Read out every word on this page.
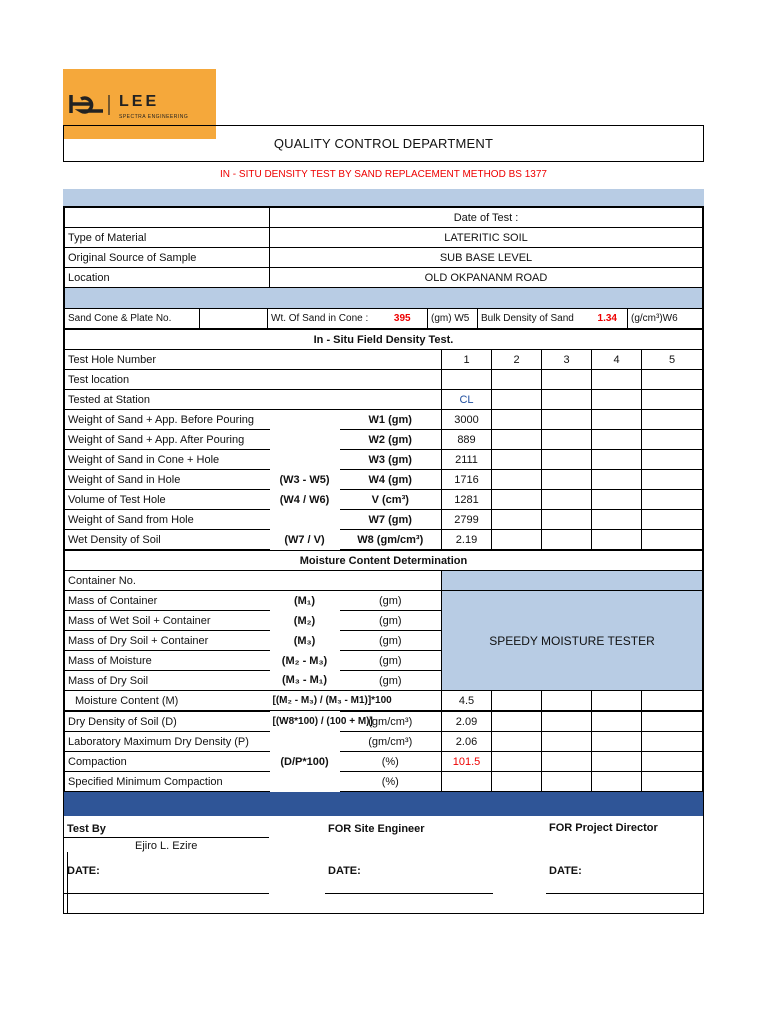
LEE
SPECTRA ENGINEERING
QUALITY CONTROL DEPARTMENT
IN - SITU DENSITY TEST BY SAND REPLACEMENT METHOD BS 1377
	Date of Test :
Type of Material	LATERITIC SOIL
Original Source of Sample	SUB BASE LEVEL
Location	OLD OKPANANM ROAD
Sand Cone & Plate No.		Wt. Of Sand in Cone :	395	(gm) W5	Bulk Density of Sand	1.34	(g/cm³)W6
In - Situ Field Density Test.							
Test Hole Number			1	2	3	4	5
Test location							
Tested at Station			CL				
Weight of Sand + App. Before Pouring		W1 (gm)	3000				
Weight of Sand + App. After Pouring		W2 (gm)	889				
Weight of Sand in Cone + Hole		W3 (gm)	2111				
Weight of Sand in Hole	(W3 - W5)	W4 (gm)	1716				
Volume of Test Hole	(W4 / W6)	V (cm³)	1281				
Weight of Sand from Hole		W7 (gm)	2799				
Wet Density of Soil	(W7 / V)	W8 (gm/cm³)	2.19				
Moisture Content Determination							
Container No.							
Mass of Container	(M₁)	(gm)	SPEEDY MOISTURE TESTER				
Mass of Wet Soil + Container	(M₂)	(gm)					
Mass of Dry Soil + Container	(M₃)	(gm)					
Mass of Moisture	(M₂ - M₃)	(gm)					
Mass of Dry Soil	(M₃ - M₁)	(gm)					
Moisture Content (M)	[(M₂ - M₃) / (M₃ - M1)]*100		4.5				
Dry Density of Soil (D)	[(W8*100) / (100 + M)]	(gm/cm³)	2.09				
Laboratory Maximum Dry Density (P)		(gm/cm³)	2.06				
Compaction	(D/P*100)	(%)	101.5				
Specified Minimum Compaction		(%)					
Test By
Ejiro L. Ezire
FOR Site Engineer	FOR Project Director
DATE:	DATE:	DATE:
